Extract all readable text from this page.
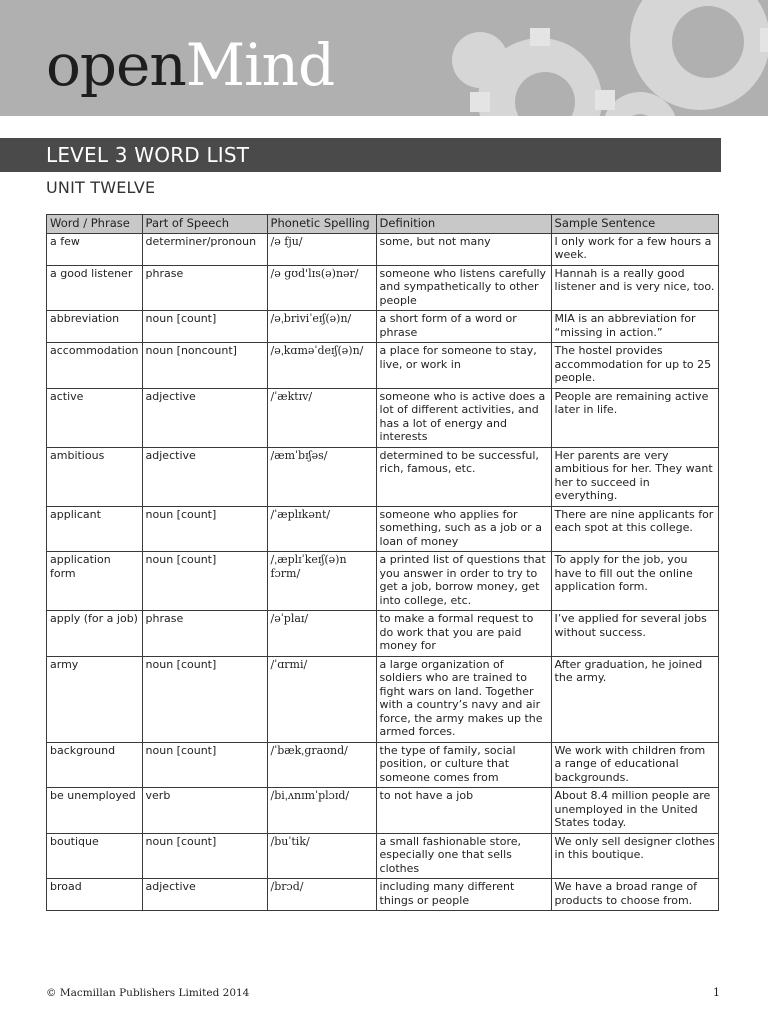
openMind
LEVEL 3 WORD LIST
UNIT TWELVE
Word / Phrase	Part of Speech	Phonetic Spelling	Definition	Sample Sentence
a few	determiner/pronoun	/ə fju/	some, but not many	I only work for a few hours a week.
a good listener	phrase	/ə ɡʊd'lɪs(ə)nər/	someone who listens carefully and sympathetically to other people	Hannah is a really good listener and is very nice, too.
abbreviation	noun [count]	/əˌbriviˈeɪʃ(ə)n/	a short form of a word or phrase	MIA is an abbreviation for “missing in action.”
accommodation	noun [noncount]	/əˌkɑməˈdeɪʃ(ə)n/	a place for someone to stay, live, or work in	The hostel provides accommodation for up to 25 people.
active	adjective	/ˈæktɪv/	someone who is active does a lot of different activities, and has a lot of energy and interests	People are remaining active later in life.
ambitious	adjective	/æmˈbɪʃəs/	determined to be successful, rich, famous, etc.	Her parents are very ambitious for her. They want her to succeed in everything.
applicant	noun [count]	/ˈæplɪkənt/	someone who applies for something, such as a job or a loan of money	There are nine applicants for each spot at this college.
application form	noun [count]	/ˌæplɪˈkeɪʃ(ə)n fɔrm/	a printed list of questions that you answer in order to try to get a job, borrow money, get into college, etc.	To apply for the job, you have to fill out the online application form.
apply (for a job)	phrase	/əˈplaɪ/	to make a formal request to do work that you are paid money for	I’ve applied for several jobs without success.
army	noun [count]	/ˈɑrmi/	a large organization of soldiers who are trained to fight wars on land. Together with a country’s navy and air force, the army makes up the armed forces.	After graduation, he joined the army.
background	noun [count]	/ˈbækˌɡraʊnd/	the type of family, social position, or culture that someone comes from	We work with children from a range of educational backgrounds.
be unemployed	verb	/biˌʌnɪmˈplɔɪd/	to not have a job	About 8.4 million people are unemployed in the United States today.
boutique	noun [count]	/buˈtik/	a small fashionable store, especially one that sells clothes	We only sell designer clothes in this boutique.
broad	adjective	/brɔd/	including many different things or people	We have a broad range of products to choose from.
© Macmillan Publishers Limited 2014	1
